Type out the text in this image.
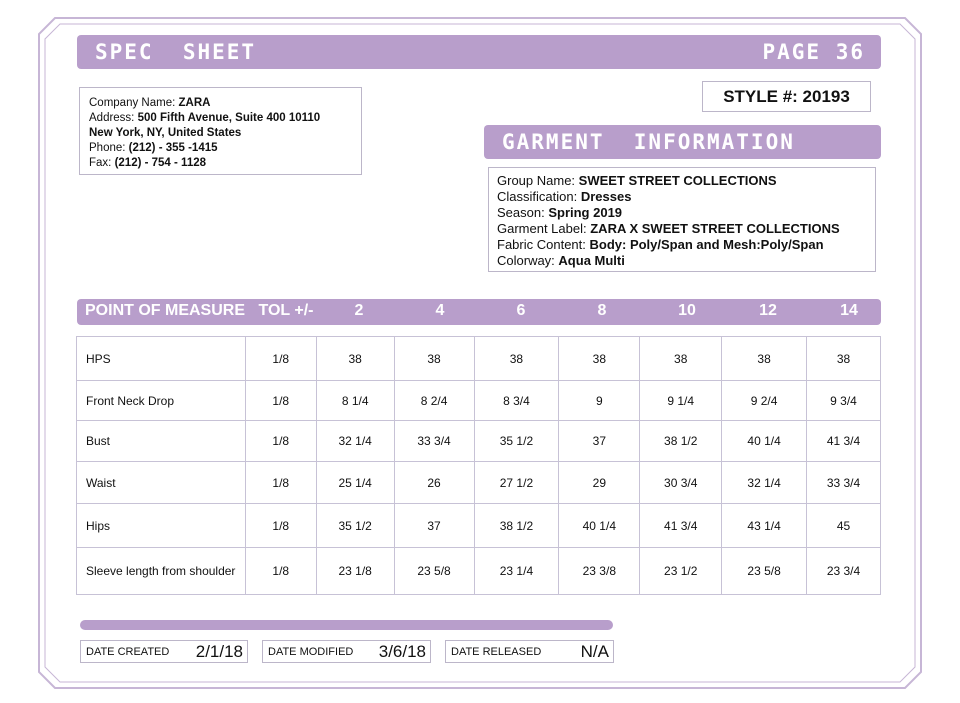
SPEC  SHEET	PAGE 36
Company Name: ZARA
Address: 500 Fifth Avenue, Suite 400 10110
New York, NY, United States
Phone: (212) - 355 -1415
Fax: (212) - 754 - 1128
STYLE #: 20193
GARMENT  INFORMATION
Group Name: SWEET STREET COLLECTIONS
Classification: Dresses
Season: Spring 2019
Garment Label: ZARA X SWEET STREET COLLECTIONS
Fabric Content: Body: Poly/Span and Mesh:Poly/Span
Colorway: Aqua Multi
POINT OF MEASURE TOL +/-	2	4	6	8	10	12	14
HPS	1/8	38	38	38	38	38	38	38
Front Neck Drop	1/8	8 1/4	8 2/4	8 3/4	9	9 1/4	9 2/4	9 3/4
Bust	1/8	32 1/4	33 3/4	35 1/2	37	38 1/2	40 1/4	41 3/4
Waist	1/8	25 1/4	26	27 1/2	29	30 3/4	32 1/4	33 3/4
Hips	1/8	35 1/2	37	38 1/2	40 1/4	41 3/4	43 1/4	45
Sleeve length from shoulder	1/8	23 1/8	23 5/8	23 1/4	23 3/8	23 1/2	23 5/8	23 3/4
DATE CREATED 2/1/18 DATE MODIFIED 3/6/18 DATE RELEASED N/A
